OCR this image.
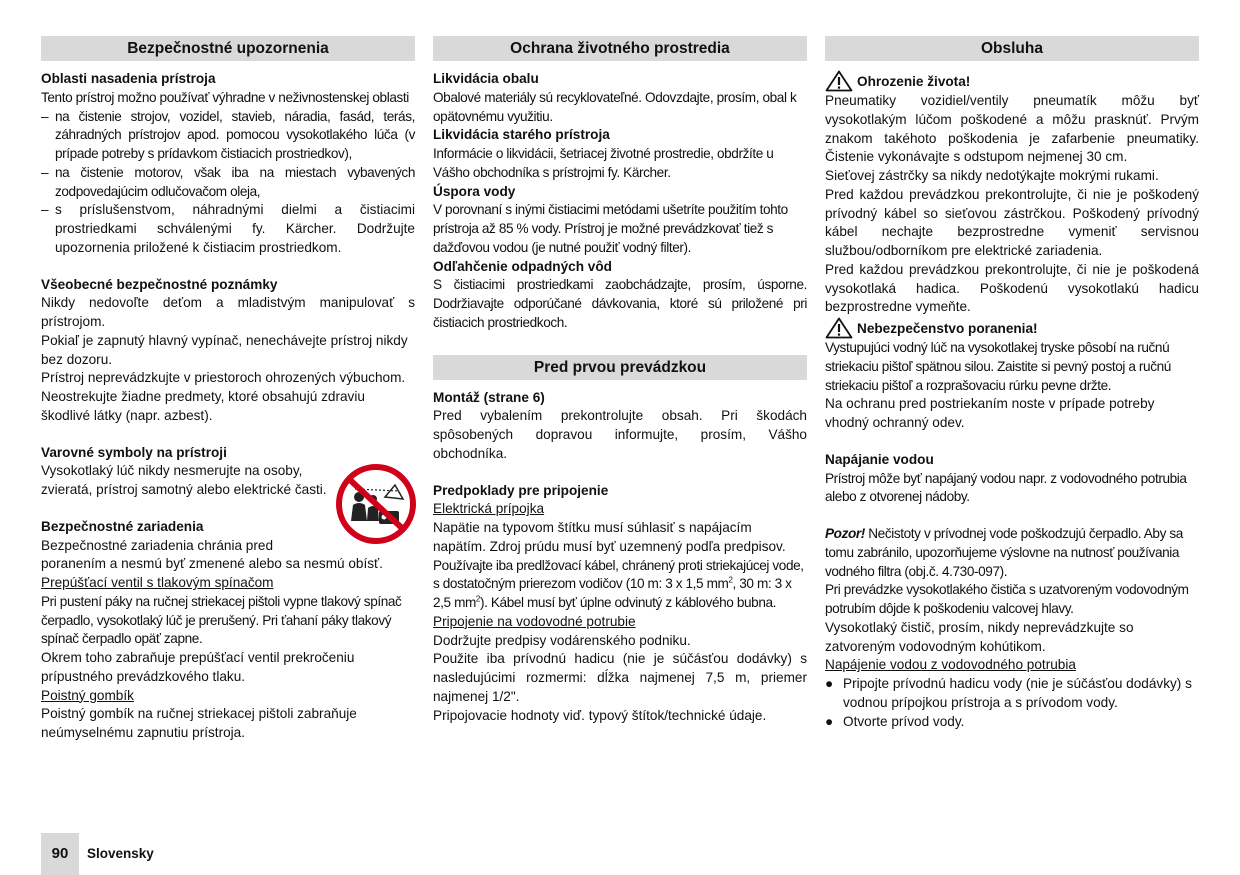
Bezpečnostné upozornenia
Oblasti nasadenia prístroja
Tento prístroj možno používať výhradne v neživnostenskej oblasti
– na čistenie strojov, vozidel, stavieb, náradia, fasád, terás, záhradných prístrojov apod. pomocou vysokotlakého lúča (v prípade potreby s prídavkom čistiacich prostriedkov),
– na čistenie motorov, však iba na miestach vybavených zodpovedajúcim odlučovačom oleja,
– s príslušenstvom, náhradnými dielmi a čistiacimi prostriedkami schválenými fy. Kärcher. Dodržujte upozornenia priložené k čistiacim prostriedkom.
Všeobecné bezpečnostné poznámky
Nikdy nedovoľte deťom a mladistvým manipulovať s prístrojom.
Pokiaľ je zapnutý hlavný vypínač, nenechávejte prístroj nikdy bez dozoru.
Prístroj neprevádzkujte v priestoroch ohrozených výbuchom.
Neostrekujte žiadne predmety, ktoré obsahujú zdraviu škodlivé látky (napr. azbest).
Varovné symboly na prístroji
Vysokotlaký lúč nikdy nesmerujte na osoby, zvieratá, prístroj samotný alebo elektrické časti.
Bezpečnostné zariadenia
Bezpečnostné zariadenia chránia pred poranením a nesmú byť zmenené alebo sa nesmú obísť.
Prepúšťací ventil s tlakovým spínačom
Pri pustení páky na ručnej striekacej pištoli vypne tlakový spínač čerpadlo, vysokotlaký lúč je prerušený. Pri ťahaní páky tlakový spínač čerpadlo opäť zapne.
Okrem toho zabraňuje prepúšťací ventil prekročeniu prípustného prevádzkového tlaku.
Poistný gombík
Poistný gombík na ručnej striekacej pištoli zabraňuje neúmyselnému zapnutiu prístroja.
Ochrana životného prostredia
Likvidácia obalu
Obalové materiály sú recyklovateľné. Odovzdajte, prosím, obal k opätovnému využitiu.
Likvidácia starého prístroja
Informácie o likvidácii, šetriacej životné prostredie, obdržíte u Vášho obchodníka s prístrojmi fy. Kärcher.
Úspora vody
V porovnaní s inými čistiacimi metódami ušetríte použitím tohto prístroja až 85 % vody. Prístroj je možné prevádzkovať tiež s dažďovou vodou (je nutné použiť vodný filter).
Odľahčenie odpadných vôd
S čistiacimi prostriedkami zaobchádzajte, prosím, úsporne. Dodržiavajte odporúčané dávkovania, ktoré sú priložené pri čistiacich prostriedkoch.
Pred prvou prevádzkou
Montáž (strane 6)
Pred vybalením prekontrolujte obsah. Pri škodách spôsobených dopravou informujte, prosím, Vášho obchodníka.
Predpoklady pre pripojenie
Elektrická prípojka
Napätie na typovom štítku musí súhlasiť s napájacím napätím. Zdroj prúdu musí byť uzemnený podľa predpisov.
Používajte iba predlžovací kábel, chránený proti striekajúcej vode, s dostatočným prierezom vodičov (10 m: 3 x 1,5 $mm^2$, 30 m: 3 x 2,5 $mm^2$). Kábel musí byť úplne odvinutý z káblového bubna.
Pripojenie na vodovodné potrubie
Dodržujte predpisy vodárenského podniku.
Použite iba prívodnú hadicu (nie je súčásťou dodávky) s nasledujúcimi rozmermi: dĺžka najmenej 7,5 m, priemer najmenej 1/2".
Pripojovacie hodnoty viď. typový štítok/technické údaje.
Obsluha
Ohrozenie života!
Pneumatiky vozidiel/ventily pneumatík môžu byť vysokotlakým lúčom poškodené a môžu prasknúť. Prvým znakom takéhoto poškodenia je zafarbenie pneumatiky. Čistenie vykonávajte s odstupom nejmenej 30 cm.
Sieťovej zástrčky sa nikdy nedotýkajte mokrými rukami.
Pred každou prevádzkou prekontrolujte, či nie je poškodený prívodný kábel so sieťovou zástrčkou. Poškodený prívodný kábel nechajte bezprostredne vymeniť servisnou službou/odborníkom pre elektrické zariadenia.
Pred každou prevádzkou prekontrolujte, či nie je poškodená vysokotlaká hadica. Poškodenú vysokotlakú hadicu bezprostredne vymeňte.
Nebezpečenstvo poranenia!
Vystupujúci vodný lúč na vysokotlakej tryske pôsobí na ručnú striekaciu pištoľ spätnou silou. Zaistite si pevný postoj a ručnú striekaciu pištoľ a rozprašovaciu rúrku pevne držte.
Na ochranu pred postriekaním noste v prípade potreby vhodný ochranný odev.
Napájanie vodou
Prístroj môže byť napájaný vodou napr. z vodovodného potrubia alebo z otvorenej nádoby.
Pozor! Nečistoty v prívodnej vode poškodzujú čerpadlo. Aby sa tomu zabránilo, upozorňujeme výslovne na nutnosť používania vodného filtra (obj.č. 4.730-097).
Pri prevádzke vysokotlakého čističa s uzatvoreným vodovodným potrubím dôjde k poškodeniu valcovej hlavy.
Vysokotlaký čistič, prosím, nikdy neprevádzkujte so zatvoreným vodovodným kohútikom.
Napájenie vodou z vodovodného potrubia
● Pripojte prívodnú hadicu vody (nie je súčásťou dodávky) s vodnou prípojkou prístroja a s prívodom vody.
● Otvorte prívod vody.
90	Slovensky
